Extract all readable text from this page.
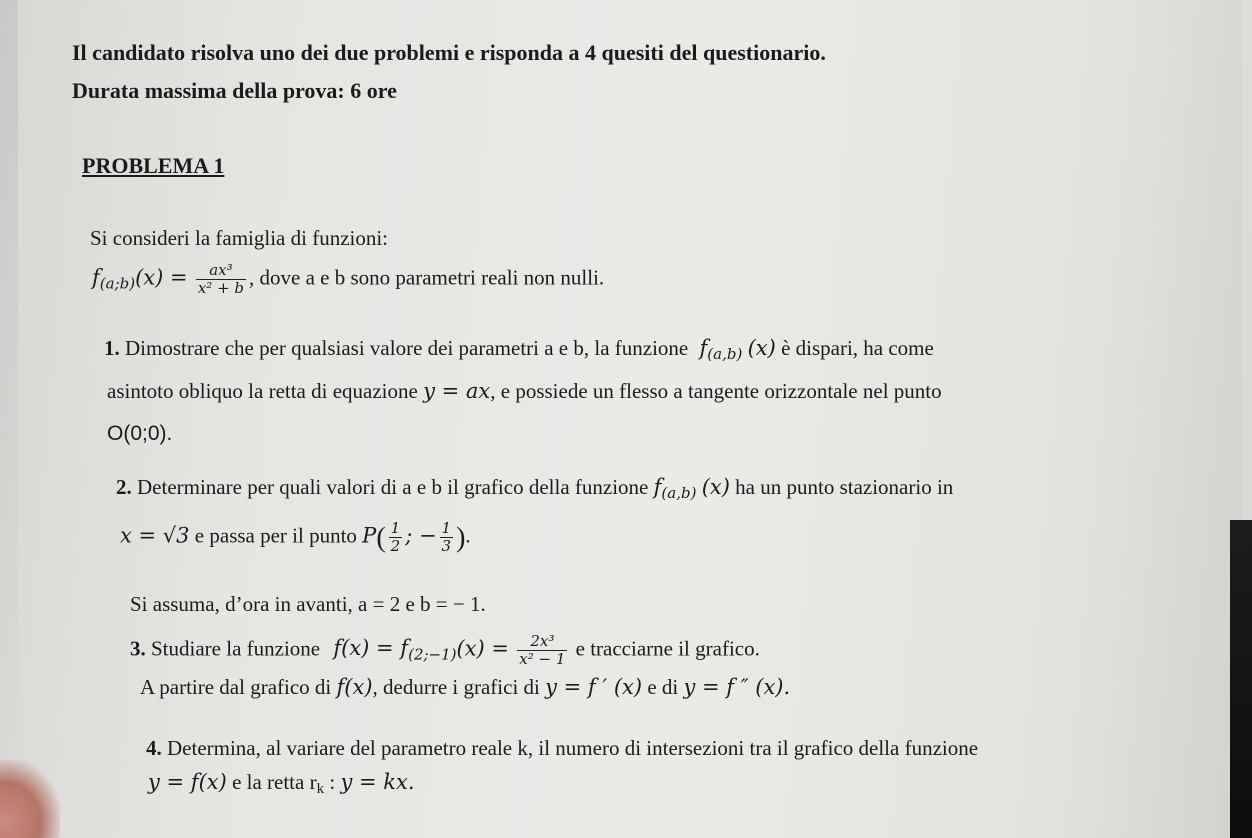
Il candidato risolva uno dei due problemi e risponda a 4 quesiti del questionario.
Durata massima della prova: 6 ore
PROBLEMA 1
Si consideri la famiglia di funzioni:
$f_{(a;b)}(x) = \frac{\text{ax³}}{\text{x² + b}}$ , dove a e b sono parametri reali non nulli.
1. Dimostrare che per qualsiasi valore dei parametri a e b, la funzione $f_{(a,b)}$ (x) è dispari, ha come
asintoto obliquo la retta di equazione y = ax, e possiede un flesso a tangente orizzontale nel punto
O(0;0).
2. Determinare per quali valori di a e b il grafico della funzione $f_{(a,b)}$ (x) ha un punto stazionario in
x = √3 e passa per il punto $P( \frac{1}{2}$ ; − $\frac{1}{3}$ ).
Si assuma, d’ora in avanti, a = 2 e b = − 1.
3. Studiare la funzione $f(x) = f_{(2;-1)}(x) = \frac{\text{2x³}}{\text{x² − 1}}$ e tracciarne il grafico.
A partire dal grafico di f(x), dedurre i grafici di y = f ′ (x) e di y = f ″ (x).
4. Determina, al variare del parametro reale k, il numero di intersezioni tra il grafico della funzione
y = f(x) e la retta $r_k$ : y = kx.
